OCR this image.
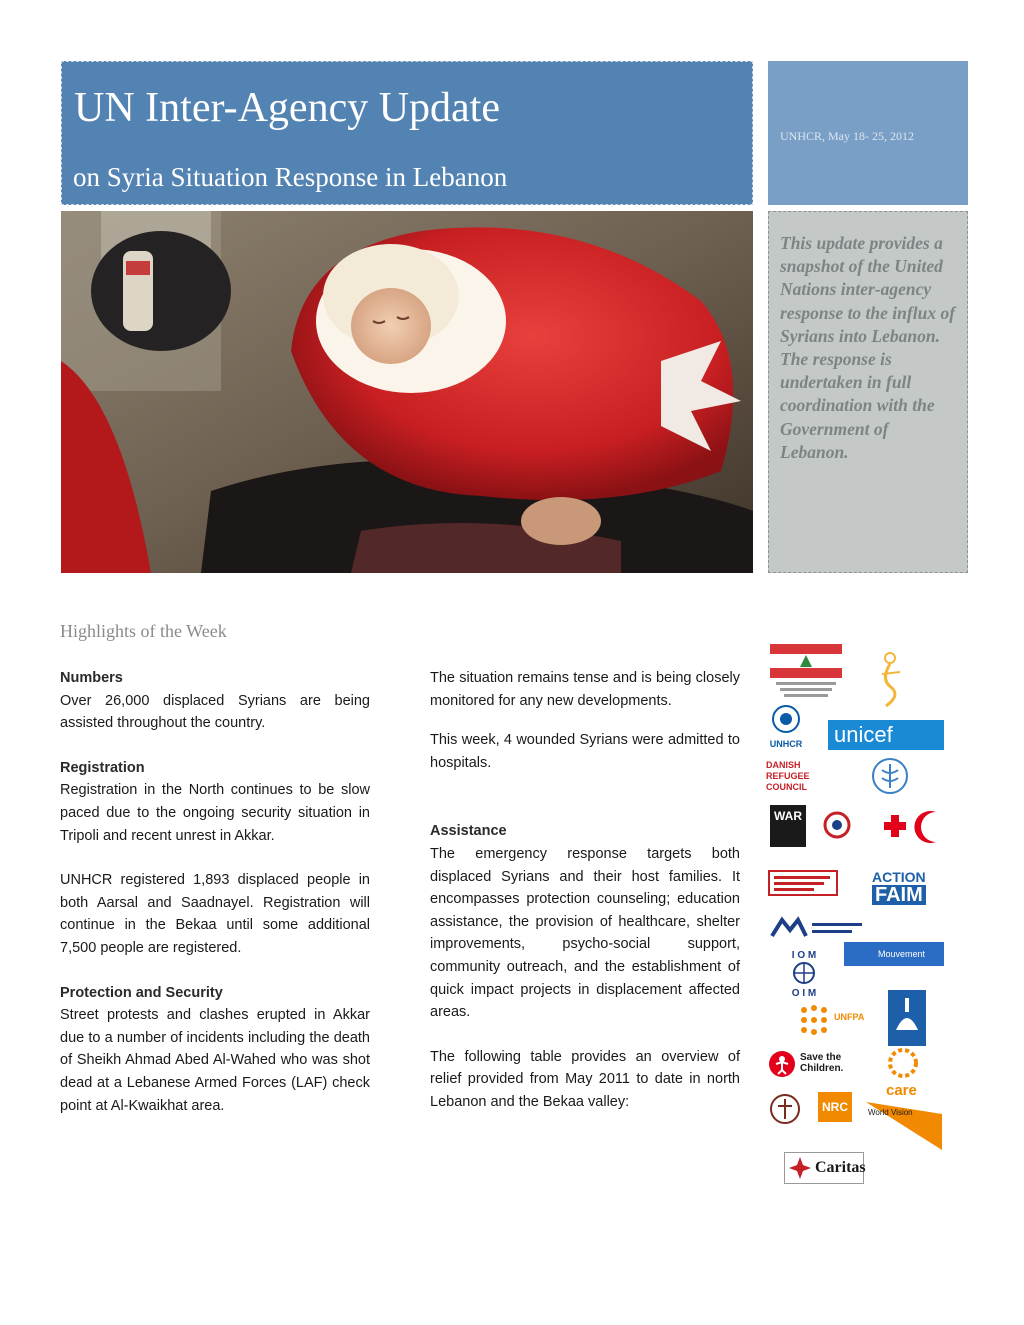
UN Inter-Agency Update
on Syria Situation Response in Lebanon
UNHCR, May 18- 25, 2012
This update provides a snapshot of the United Nations inter-agency response to the influx of Syrians into Lebanon. The response is undertaken in full coordination with the Government of Lebanon.
Highlights of the Week
Numbers

Over 26,000 displaced Syrians are being assisted throughout the country.

Registration

Registration in the North continues to be slow paced due to the ongoing security situation in Tripoli and recent unrest in Akkar.

UNHCR registered 1,893 displaced people in both Aarsal and Saadnayel. Registration will continue in the Bekaa until some additional 7,500 people are registered.

Protection and Security

Street protests and clashes erupted in Akkar due to a number of incidents including the death of Sheikh Ahmad Abed Al-Wahed who was shot dead at a Lebanese Armed Forces (LAF) check point at Al-Kwaikhat area.

The situation remains tense and is being closely monitored for any new developments.

This week, 4 wounded Syrians were admitted to hospitals.

Assistance

The emergency response targets both displaced Syrians and their host families. It encompasses protection counseling; education assistance, the provision of healthcare, shelter improvements, psycho-social support, community outreach, and the establishment of quick impact projects in displacement affected areas.

The following table provides an overview of relief provided from May 2011 to date in north Lebanon and the Bekaa valley:

UNHCR unicef
DANISH
REFUGEE
COUNCIL
WAR
ACTION
FAIM
I O M
O I M
Mouvement Social
UNFPA
Save the
Children.
care
NRC	World Vision
Caritas
